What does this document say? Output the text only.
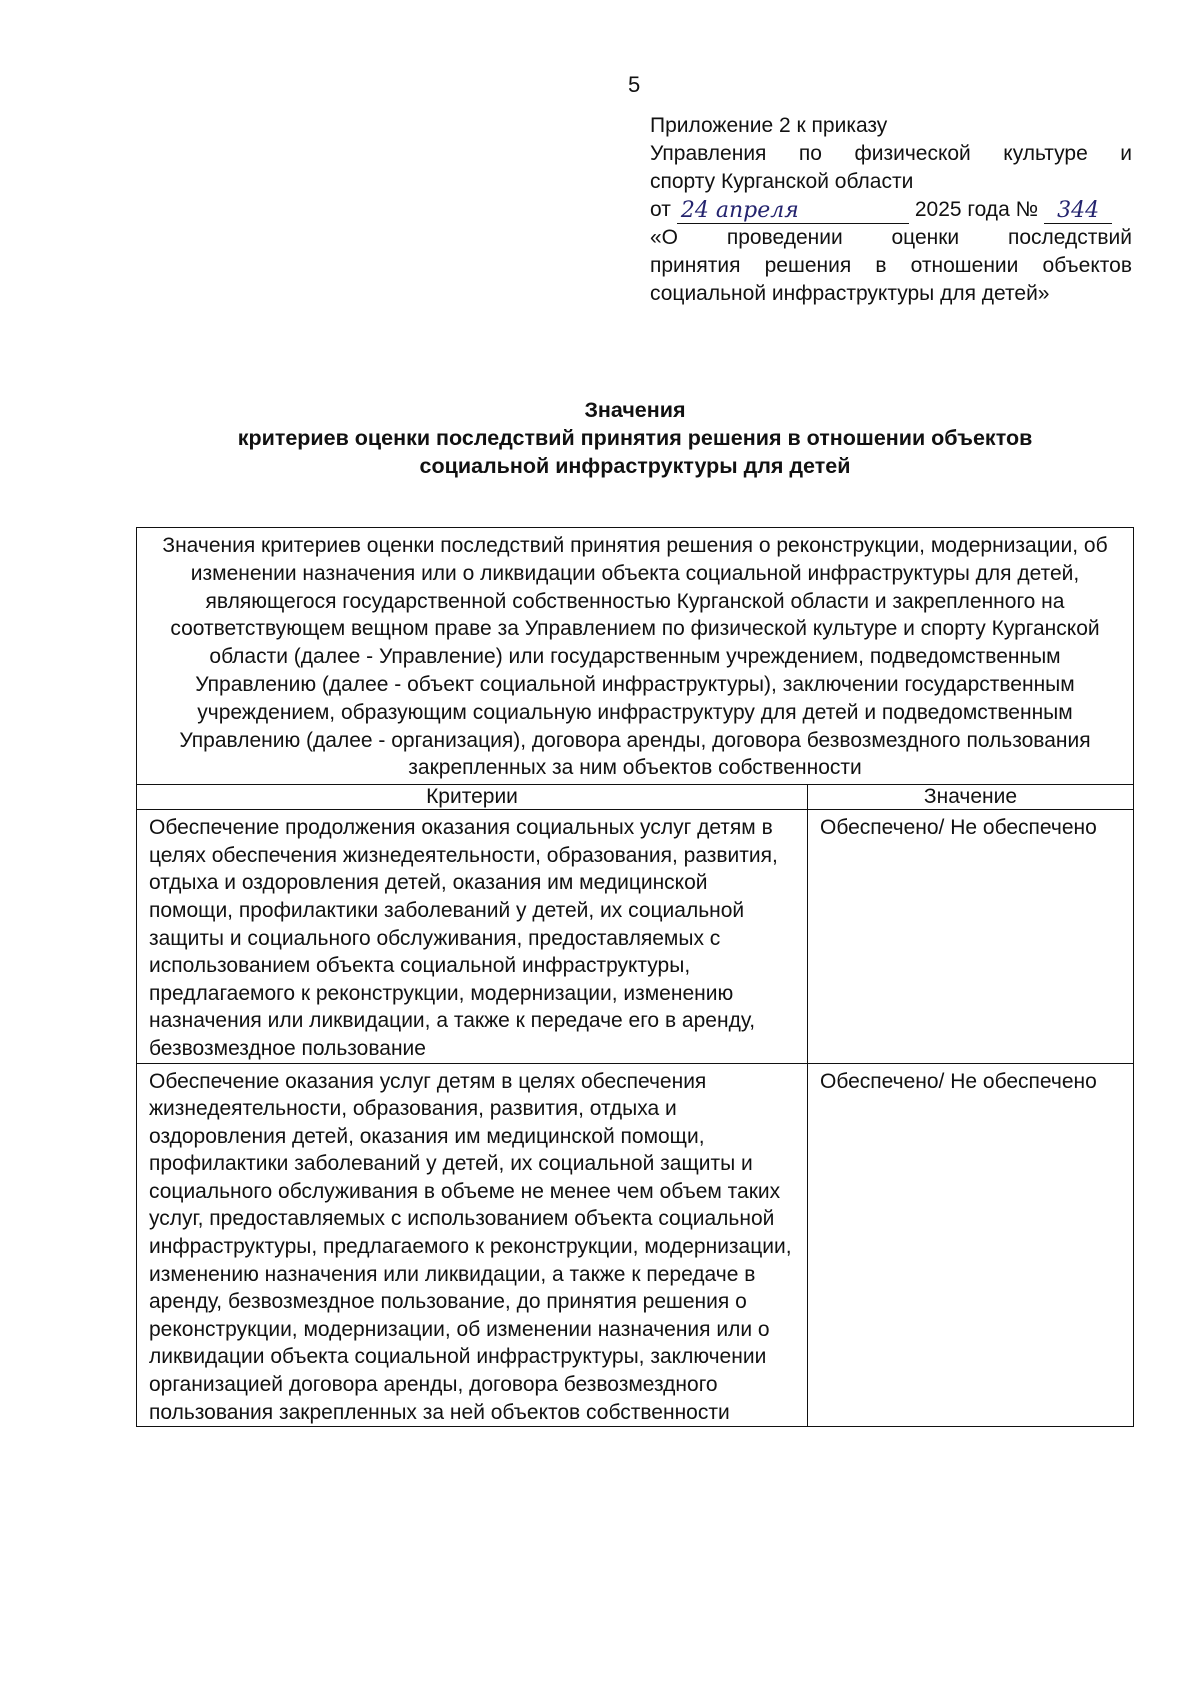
5
Приложение 2 к приказу
Управления по физической культуре и
спорту Курганской области
от 24 апреля	2025 года № 344
«О проведении оценки последствий
принятия решения в отношении объектов
социальной инфраструктуры для детей»
Значения
критериев оценки последствий принятия решения в отношении объектов
социальной инфраструктуры для детей
Значения критериев оценки последствий принятия решения о реконструкции, модернизации, об изменении назначения или о ликвидации объекта социальной инфраструктуры для детей, являющегося государственной собственностью Курганской области и закрепленного на соответствующем вещном праве за Управлением по физической культуре и спорту Курганской области (далее - Управление) или государственным учреждением, подведомственным Управлению (далее - объект социальной инфраструктуры), заключении государственным учреждением, образующим социальную инфраструктуру для детей и подведомственным Управлению (далее - организация), договора аренды, договора безвозмездного пользования закрепленных за ним объектов собственности	
Критерии	Значение
Обеспечение продолжения оказания социальных услуг детям в целях обеспечения жизнедеятельности, образования, развития, отдыха и оздоровления детей, оказания им медицинской помощи, профилактики заболеваний у детей, их социальной защиты и социального обслуживания, предоставляемых с использованием объекта социальной инфраструктуры, предлагаемого к реконструкции, модернизации, изменению назначения или ликвидации, а также к передаче его в аренду, безвозмездное пользование	Обеспечено/ Не обеспечено
Обеспечение оказания услуг детям в целях обеспечения жизнедеятельности, образования, развития, отдыха и оздоровления детей, оказания им медицинской помощи, профилактики заболеваний у детей, их социальной защиты и социального обслуживания в объеме не менее чем объем таких услуг, предоставляемых с использованием объекта социальной инфраструктуры, предлагаемого к реконструкции, модернизации, изменению назначения или ликвидации, а также к передаче в аренду, безвозмездное пользование, до принятия решения о реконструкции, модернизации, об изменении назначения или о ликвидации объекта социальной инфраструктуры, заключении организацией договора аренды, договора безвозмездного пользования закрепленных за ней объектов собственности	Обеспечено/ Не обеспечено
